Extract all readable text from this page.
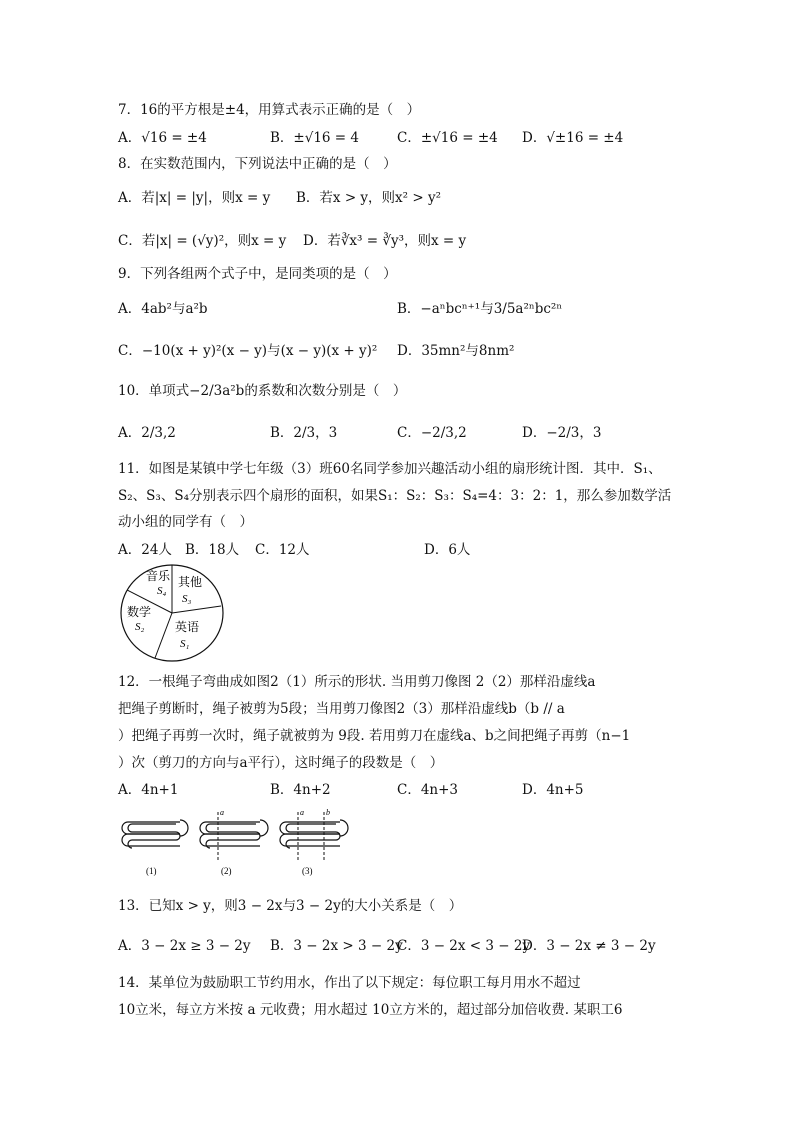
7．16的平方根是±4，用算式表示正确的是（　）
A．√16 = ±4	B．±√16 = 4	C．±√16 = ±4 D．√±16 = ±4
8．在实数范围内，下列说法中正确的是（　）
A．若|x| = |y|，则x = y B．若x > y，则x² > y²
C．若|x| = (√y)²，则x = y D．若∛x³ = ∛y³，则x = y
9．下列各组两个式子中，是同类项的是（　）
A．4ab²与a²b	B．−aⁿbcⁿ⁺¹与3/5a²ⁿbc²ⁿ
C．−10(x + y)²(x − y)与(x − y)(x + y)² D．35mn²与8nm²
10．单项式−2/3a²b的系数和次数分别是（　）
A．2/3,2	B．2/3，3	C．−2/3,2	D．−2/3，3
11．如图是某镇中学七年级（3）班60名同学参加兴趣活动小组的扇形统计图．其中．S₁、
S₂、S₃、S₄分别表示四个扇形的面积，如果S₁：S₂：S₃：S₄=4：3：2：1，那么参加数学活
动小组的同学有（　）
A．24人 B．18人 C．12人	D．6人
音乐
S₄
其他
S₃
数学
S₂	英语
S₁
12．一根绳子弯曲成如图2（1）所示的形状. 当用剪刀像图 2（2）那样沿虚线a
把绳子剪断时，绳子被剪为5段；当用剪刀像图2（3）那样沿虚线b（b // a
）把绳子再剪一次时，绳子就被剪为 9段. 若用剪刀在虚线a、b之间把绳子再剪（n−1
）次（剪刀的方向与a平行），这时绳子的段数是（　）
A．4n+1	B．4n+2	C．4n+3	D．4n+5
a	a	b
(1)	(2)	(3)
13．已知x > y，则3 − 2x与3 − 2y的大小关系是（　）
A．3 − 2x ≥ 3 − 2y B．3 − 2x > 3 − 2y
C．3 − 2x < 3 − 2y
D．3 − 2x ≠ 3 − 2y
14．某单位为鼓励职工节约用水，作出了以下规定：每位职工每月用水不超过
10立米，每立方米按 a 元收费；用水超过 10立方米的，超过部分加倍收费. 某职工6
